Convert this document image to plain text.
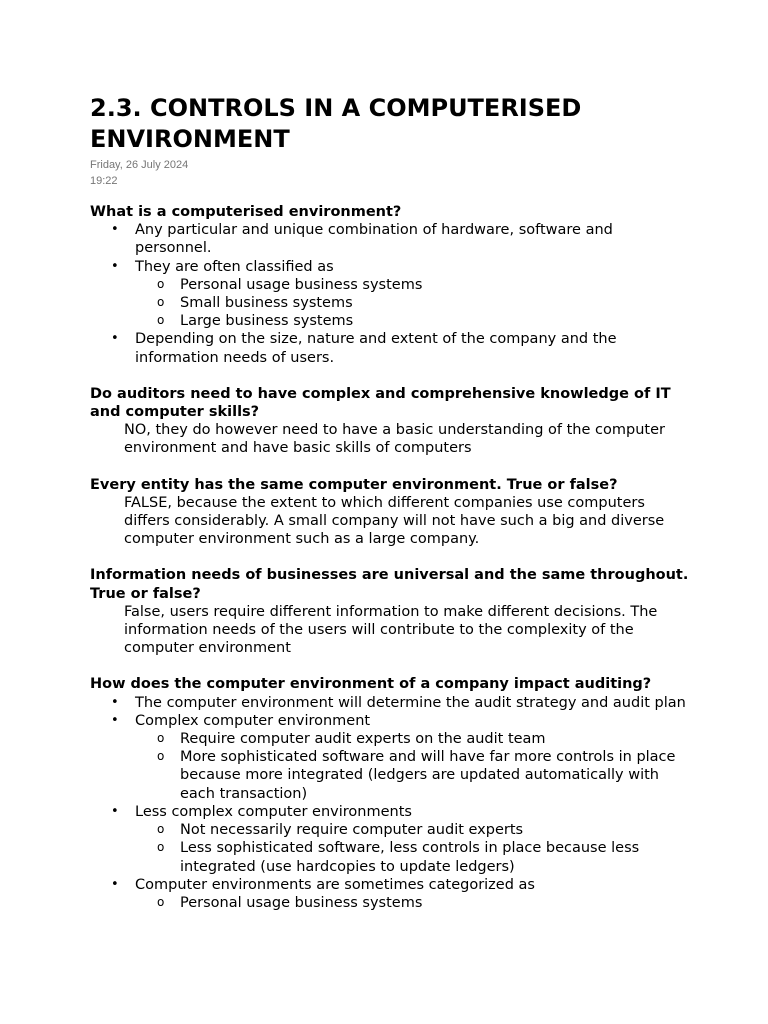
2.3. CONTROLS IN A COMPUTERISED ENVIRONMENT
Friday, 26 July 2024
19:22
What is a computerised environment?
• Any particular and unique combination of hardware, software and personnel.
• They are often classified as
o Personal usage business systems
o Small business systems
o Large business systems
• Depending on the size, nature and extent of the company and the information needs of users.
Do auditors need to have complex and comprehensive knowledge of IT and computer skills?
NO, they do however need to have a basic understanding of the computer environment and have basic skills of computers
Every entity has the same computer environment. True or false?
FALSE, because the extent to which different companies use computers differs considerably. A small company will not have such a big and diverse computer environment such as a large company.
Information needs of businesses are universal and the same throughout. True or false?
False, users require different information to make different decisions. The information needs of the users will contribute to the complexity of the computer environment
How does the computer environment of a company impact auditing?
• The computer environment will determine the audit strategy and audit plan
• Complex computer environment
o Require computer audit experts on the audit team
o More sophisticated software and will have far more controls in place because more integrated (ledgers are updated automatically with each transaction)
• Less complex computer environments
o Not necessarily require computer audit experts
o Less sophisticated software, less controls in place because less integrated (use hardcopies to update ledgers)
• Computer environments are sometimes categorized as
o Personal usage business systems
